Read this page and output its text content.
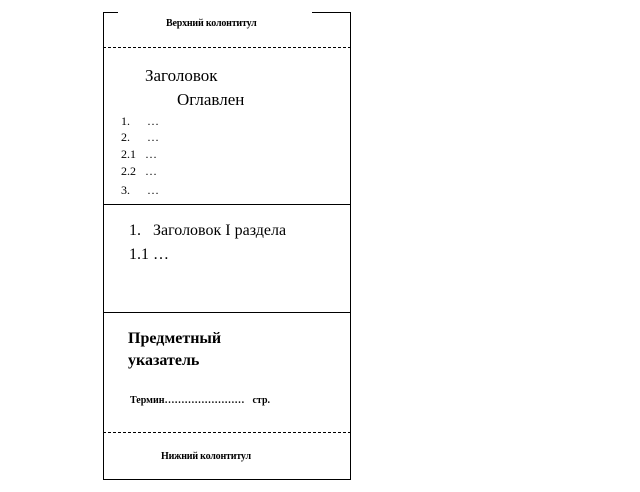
Верхний колонтитул
Заголовок
Оглавлен
1. …
2. …
2.1 …
2.2 …
3. …
1. Заголовок I раздела
1.1 …
Предметный
указатель
Термин…………………… стр.
Нижний колонтитул
